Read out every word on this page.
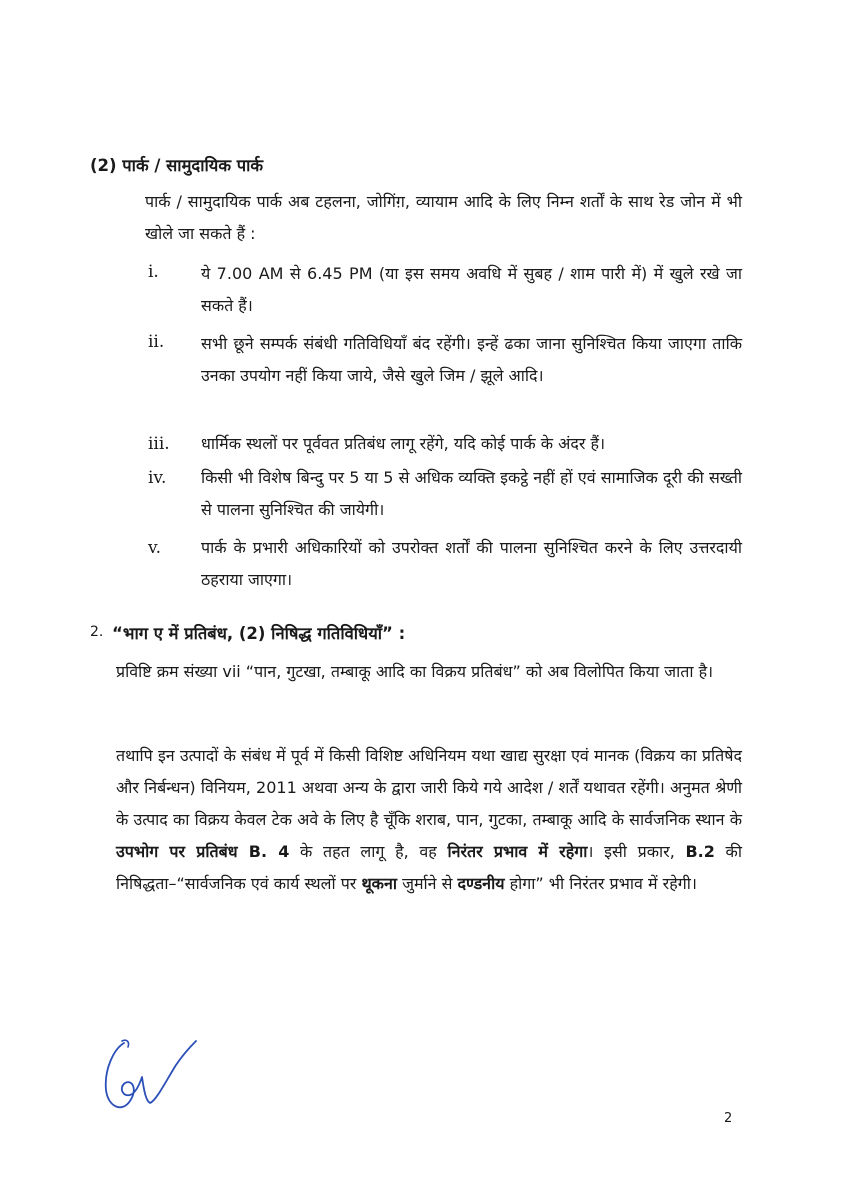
(2) पार्क / सामुदायिक पार्क
पार्क / सामुदायिक पार्क अब टहलना, जोगिंग़, व्यायाम आदि के लिए निम्न शर्तों के साथ रेड जोन में भी खोले जा सकते हैं :
i.	ये 7.00 AM से 6.45 PM (या इस समय अवधि में सुबह / शाम पारी में) में खुले रखे जा सकते हैं।
ii. सभी छूने सम्पर्क संबंधी गतिविधियाँ बंद रहेंगी। इन्हें ढका जाना सुनिश्चित किया जाएगा ताकि उनका उपयोग नहीं किया जाये, जैसे खुले जिम / झूले आदि।
iii. धार्मिक स्थलों पर पूर्ववत प्रतिबंध लागू रहेंगे, यदि कोई पार्क के अंदर हैं।
iv. किसी भी विशेष बिन्दु पर 5 या 5 से अधिक व्यक्ति इकट्ठे नहीं हों एवं सामाजिक दूरी की सख्ती से पालना सुनिश्चित की जायेगी।
v.	पार्क के प्रभारी अधिकारियों को उपरोक्त शर्तों की पालना सुनिश्चित करने के लिए उत्तरदायी ठहराया जाएगा।
2. “भाग ए में प्रतिबंध, (2) निषिद्ध गतिविधियाँ” :
प्रविष्टि क्रम संख्या vii “पान, गुटखा, तम्बाकू आदि का विक्रय प्रतिबंध” को अब विलोपित किया जाता है।
तथापि इन उत्पादों के संबंध में पूर्व में किसी विशिष्ट अधिनियम यथा खाद्य सुरक्षा एवं मानक (विक्रय का प्रतिषेद और निर्बन्धन) विनियम, 2011 अथवा अन्य के द्वारा जारी किये गये आदेश / शर्तें यथावत रहेंगी। अनुमत श्रेणी के उत्पाद का विक्रय केवल टेक अवे के लिए है चूँकि शराब, पान, गुटका, तम्बाकू आदि के सार्वजनिक स्थान के उपभोग पर प्रतिबंध B. 4 के तहत लागू है, वह निरंतर प्रभाव में रहेगा। इसी प्रकार, B.2 की निषिद्धता–“सार्वजनिक एवं कार्य स्थलों पर थूकना जुर्माने से दण्डनीय होगा” भी निरंतर प्रभाव में रहेगी।
2
